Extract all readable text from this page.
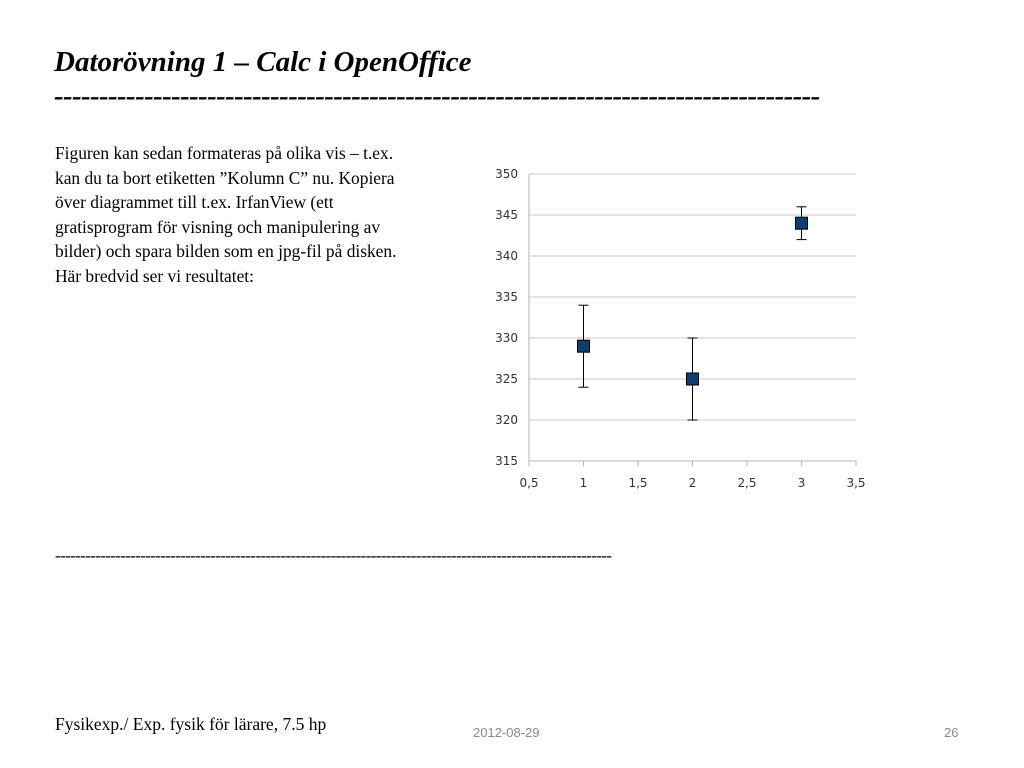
Datorövning 1 – Calc i OpenOffice
-------------------------------------------------------------------------------------
Figuren kan sedan formateras på olika vis – t.ex.
kan du ta bort etiketten ”Kolumn C” nu. Kopiera
över diagrammet till t.ex. IrfanView (ett
gratisprogram för visning och manipulering av
bilder) och spara bilden som en jpg-fil på disken.
Här bredvid ser vi resultatet:
315
320
325
330
335
340
345
350
0,5	1	1,5	2	2,5	3	3,5
---------------------------------------------------------------------------------------------------------------
Fysikexp./ Exp. fysik för lärare, 7.5 hp	2012-08-29	26
